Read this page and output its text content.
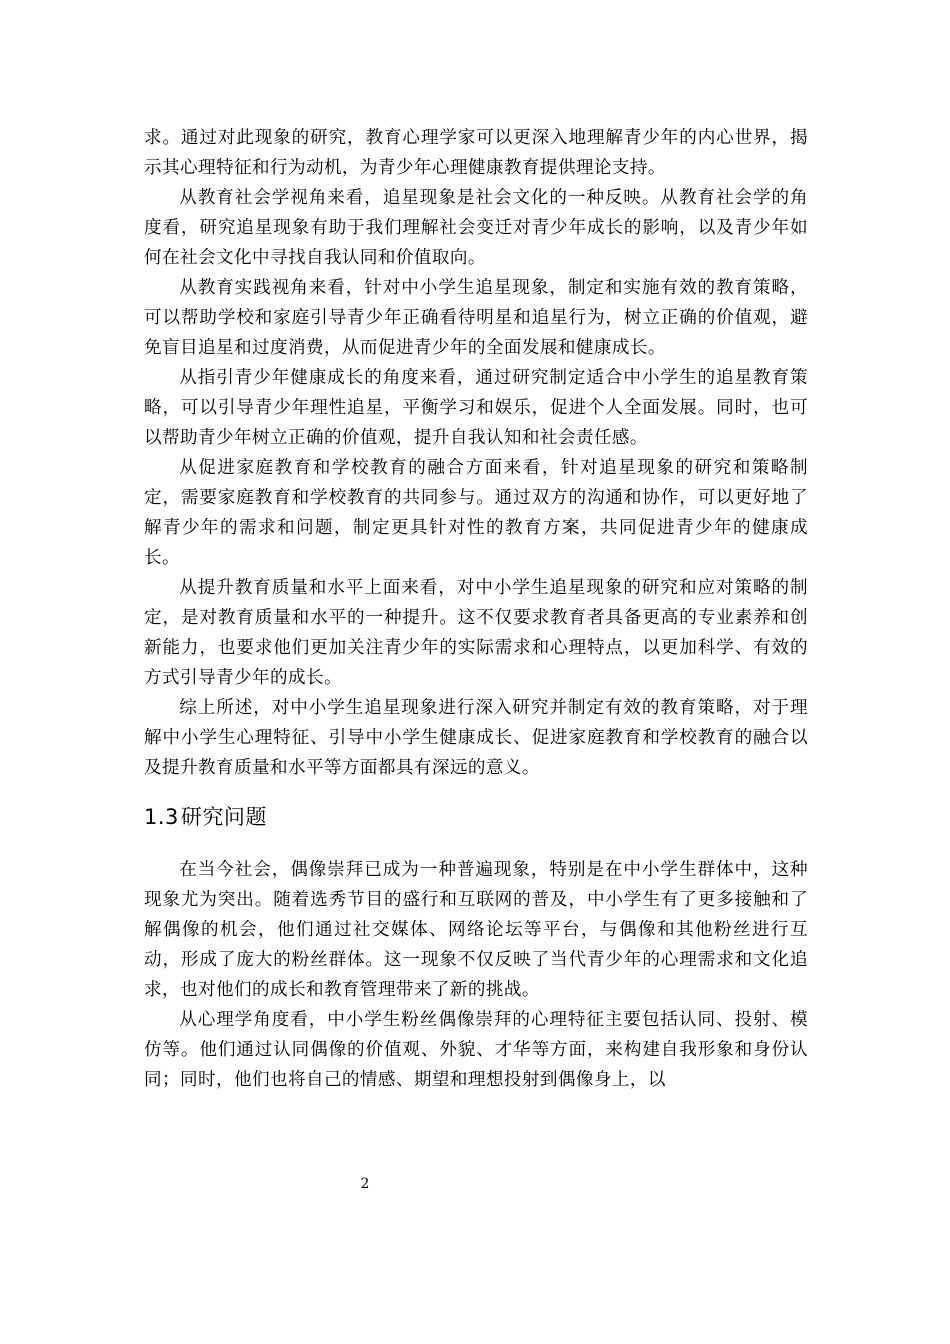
求。通过对此现象的研究，教育心理学家可以更深入地理解青少年的内心世界，揭示其心理特征和行为动机，为青少年心理健康教育提供理论支持。

从教育社会学视角来看，追星现象是社会文化的一种反映。从教育社会学的角度看，研究追星现象有助于我们理解社会变迁对青少年成长的影响，以及青少年如何在社会文化中寻找自我认同和价值取向。

从教育实践视角来看，针对中小学生追星现象，制定和实施有效的教育策略，可以帮助学校和家庭引导青少年正确看待明星和追星行为，树立正确的价值观，避免盲目追星和过度消费，从而促进青少年的全面发展和健康成长。

从指引青少年健康成长的角度来看，通过研究制定适合中小学生的追星教育策略，可以引导青少年理性追星，平衡学习和娱乐，促进个人全面发展。同时，也可以帮助青少年树立正确的价值观，提升自我认知和社会责任感。

从促进家庭教育和学校教育的融合方面来看，针对追星现象的研究和策略制定，需要家庭教育和学校教育的共同参与。通过双方的沟通和协作，可以更好地了解青少年的需求和问题，制定更具针对性的教育方案，共同促进青少年的健康成长。

从提升教育质量和水平上面来看，对中小学生追星现象的研究和应对策略的制定，是对教育质量和水平的一种提升。这不仅要求教育者具备更高的专业素养和创新能力，也要求他们更加关注青少年的实际需求和心理特点，以更加科学、有效的方式引导青少年的成长。

综上所述，对中小学生追星现象进行深入研究并制定有效的教育策略，对于理解中小学生心理特征、引导中小学生健康成长、促进家庭教育和学校教育的融合以及提升教育质量和水平等方面都具有深远的意义。

1.3研究问题

在当今社会，偶像崇拜已成为一种普遍现象，特别是在中小学生群体中，这种现象尤为突出。随着选秀节目的盛行和互联网的普及，中小学生有了更多接触和了解偶像的机会，他们通过社交媒体、网络论坛等平台，与偶像和其他粉丝进行互动，形成了庞大的粉丝群体。这一现象不仅反映了当代青少年的心理需求和文化追求，也对他们的成长和教育管理带来了新的挑战。

从心理学角度看，中小学生粉丝偶像崇拜的心理特征主要包括认同、投射、模仿等。他们通过认同偶像的价值观、外貌、才华等方面，来构建自我形象和身份认同；同时，他们也将自己的情感、期望和理想投射到偶像身上，以

2
